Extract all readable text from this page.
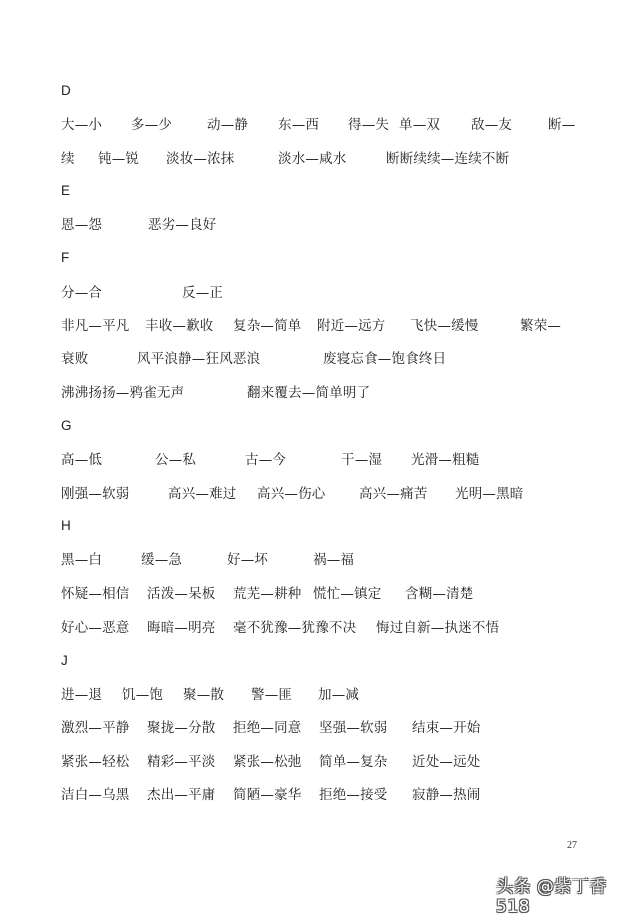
D
大—小 多—少	动—静 东—西 得—失 单—双 敌—友	断—
续 钝—锐 淡妆—浓抹	淡水—咸水	断断续续—连续不断
E
恩—怨	恶劣—良好
F
分—合	反—正
非凡—平凡 丰收—歉收 复杂—简单 附近—远方 飞快—缓慢	繁荣—
衰败	风平浪静—狂风恶浪	废寝忘食—饱食终日
沸沸扬扬—鸦雀无声	翻来覆去—简单明了
G
高—低	公—私	古—今	干—湿 光滑—粗糙
刚强—软弱	高兴—难过 高兴—伤心 高兴—痛苦 光明—黑暗
H
黑—白	缓—急	好—坏	祸—福
怀疑—相信 活泼—呆板 荒芜—耕种 慌忙—镇定 含糊—清楚
好心—恶意 晦暗—明亮 毫不犹豫—犹豫不决 悔过自新—执迷不悟
J
进—退 饥—饱 聚—散 警—匪 加—减
激烈—平静 聚拢—分散 拒绝—同意 坚强—软弱 结束—开始
紧张—轻松 精彩—平淡 紧张—松弛 简单—复杂 近处—远处
洁白—乌黑 杰出—平庸 简陋—豪华 拒绝—接受 寂静—热闹
27
头条 @紫丁香518
